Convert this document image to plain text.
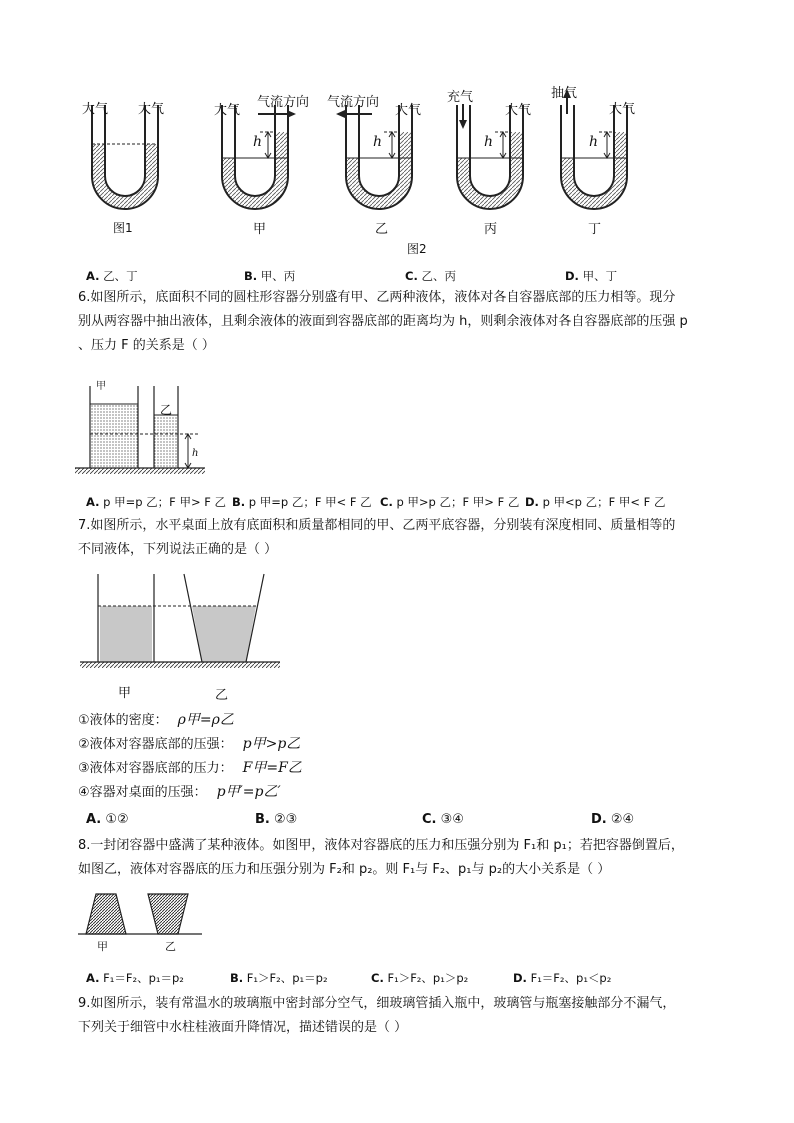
大气 大气	大气
气流方向 气流方向
大气
充气
大气
抽气
大气
h	h	h	h
图1	甲	乙	丙	丁
图2
A. 乙、丁	B. 甲、丙	C. 乙、丙	D. 甲、丁
6.如图所示，底面积不同的圆柱形容器分别盛有甲、乙两种液体，液体对各自容器底部的压力相等。现分
别从两容器中抽出液体，且剩余液体的液面到容器底部的距离均为 h，则剩余液体对各自容器底部的压强 p
、压力 F 的关系是（ ）
甲
乙
h
A. p 甲=p 乙；F 甲> F 乙 B. p 甲=p 乙；F 甲< F 乙 C. p 甲>p 乙；F 甲> F 乙 D. p 甲<p 乙；F 甲< F 乙
7.如图所示，水平桌面上放有底面积和质量都相同的甲、乙两平底容器，分别装有深度相同、质量相等的
不同液体，下列说法正确的是（ ）
甲	乙
①液体的密度： ρ甲=ρ乙
②液体对容器底部的压强： p甲>p乙
③液体对容器底部的压力： F甲=F乙
④容器对桌面的压强： p甲′=p乙′
A. ①②	B. ②③	C. ③④	D. ②④
8.一封闭容器中盛满了某种液体。如图甲，液体对容器底的压力和压强分别为 F₁和 p₁；若把容器倒置后，
如图乙，液体对容器底的压力和压强分别为 F₂和 p₂。则 F₁与 F₂、p₁与 p₂的大小关系是（ ）
甲	乙
A. F₁＝F₂、p₁＝p₂	B. F₁＞F₂、p₁＝p₂	C. F₁＞F₂、p₁＞p₂	D. F₁＝F₂、p₁＜p₂
9.如图所示，装有常温水的玻璃瓶中密封部分空气，细玻璃管插入瓶中，玻璃管与瓶塞接触部分不漏气，
下列关于细管中水柱桂液面升降情况，描述错误的是（ ）
